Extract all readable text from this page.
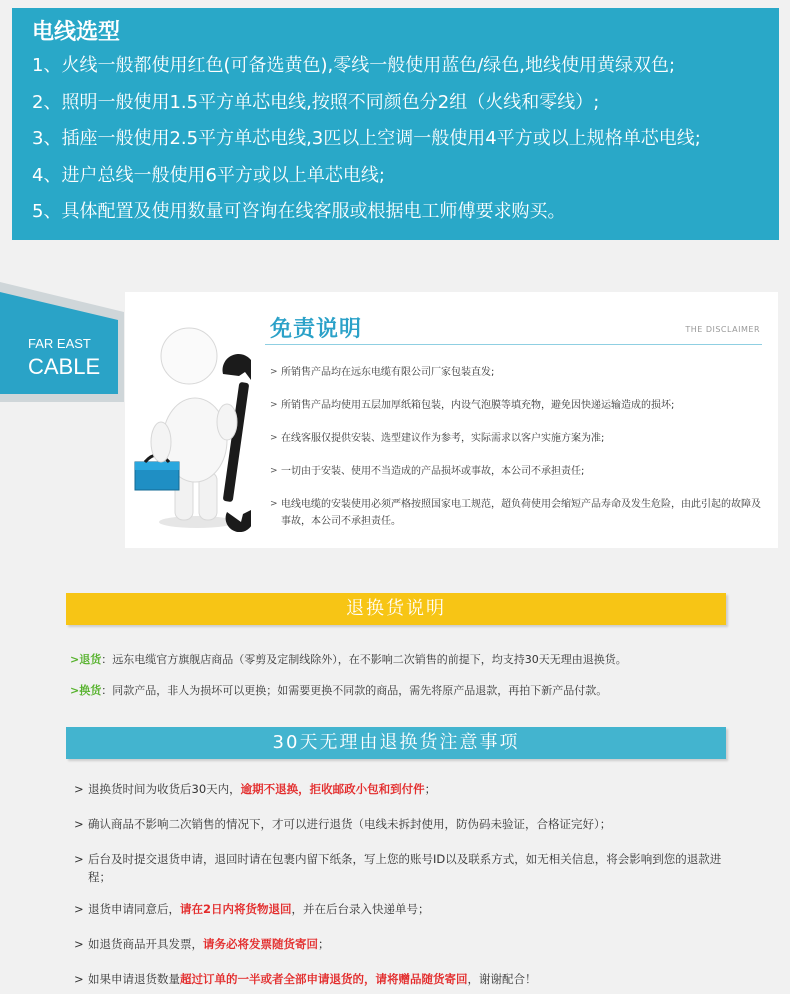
电线选型
1、火线一般都使用红色(可备选黄色),零线一般使用蓝色/绿色,地线使用黄绿双色;
2、照明一般使用1.5平方单芯电线,按照不同颜色分2组（火线和零线）;
3、插座一般使用2.5平方单芯电线,3匹以上空调一般使用4平方或以上规格单芯电线;
4、进户总线一般使用6平方或以上单芯电线;
5、具体配置及使用数量可咨询在线客服或根据电工师傅要求购买。
FAR EAST
CABLE
免责说明	THE DISCLAIMER
> 所销售产品均在远东电缆有限公司厂家包装直发;
> 所销售产品均使用五层加厚纸箱包装，内设气泡膜等填充物，避免因快递运输造成的损坏;
> 在线客服仅提供安装、选型建议作为参考，实际需求以客户实施方案为准;
> 一切由于安装、使用不当造成的产品损坏或事故，本公司不承担责任;
> 电线电缆的安装使用必须严格按照国家电工规范，超负荷使用会缩短产品寿命及发生危险，由此引起的故障及事故，本公司不承担责任。
退换货说明
>退货：远东电缆官方旗舰店商品（零剪及定制线除外），在不影响二次销售的前提下，均支持30天无理由退换货。
>换货：同款产品，非人为损坏可以更换；如需要更换不同款的商品，需先将原产品退款，再拍下新产品付款。
30天无理由退换货注意事项
> 退换货时间为收货后30天内，逾期不退换，拒收邮政小包和到付件；
> 确认商品不影响二次销售的情况下，才可以进行退货（电线未拆封使用，防伪码未验证，合格证完好）；
> 后台及时提交退货申请，退回时请在包裹内留下纸条，写上您的账号ID以及联系方式，如无相关信息，将会影响到您的退款进程；
> 退货申请同意后，请在2日内将货物退回，并在后台录入快递单号；
> 如退货商品开具发票，请务必将发票随货寄回；
> 如果申请退货数量超过订单的一半或者全部申请退货的，请将赠品随货寄回，谢谢配合！
